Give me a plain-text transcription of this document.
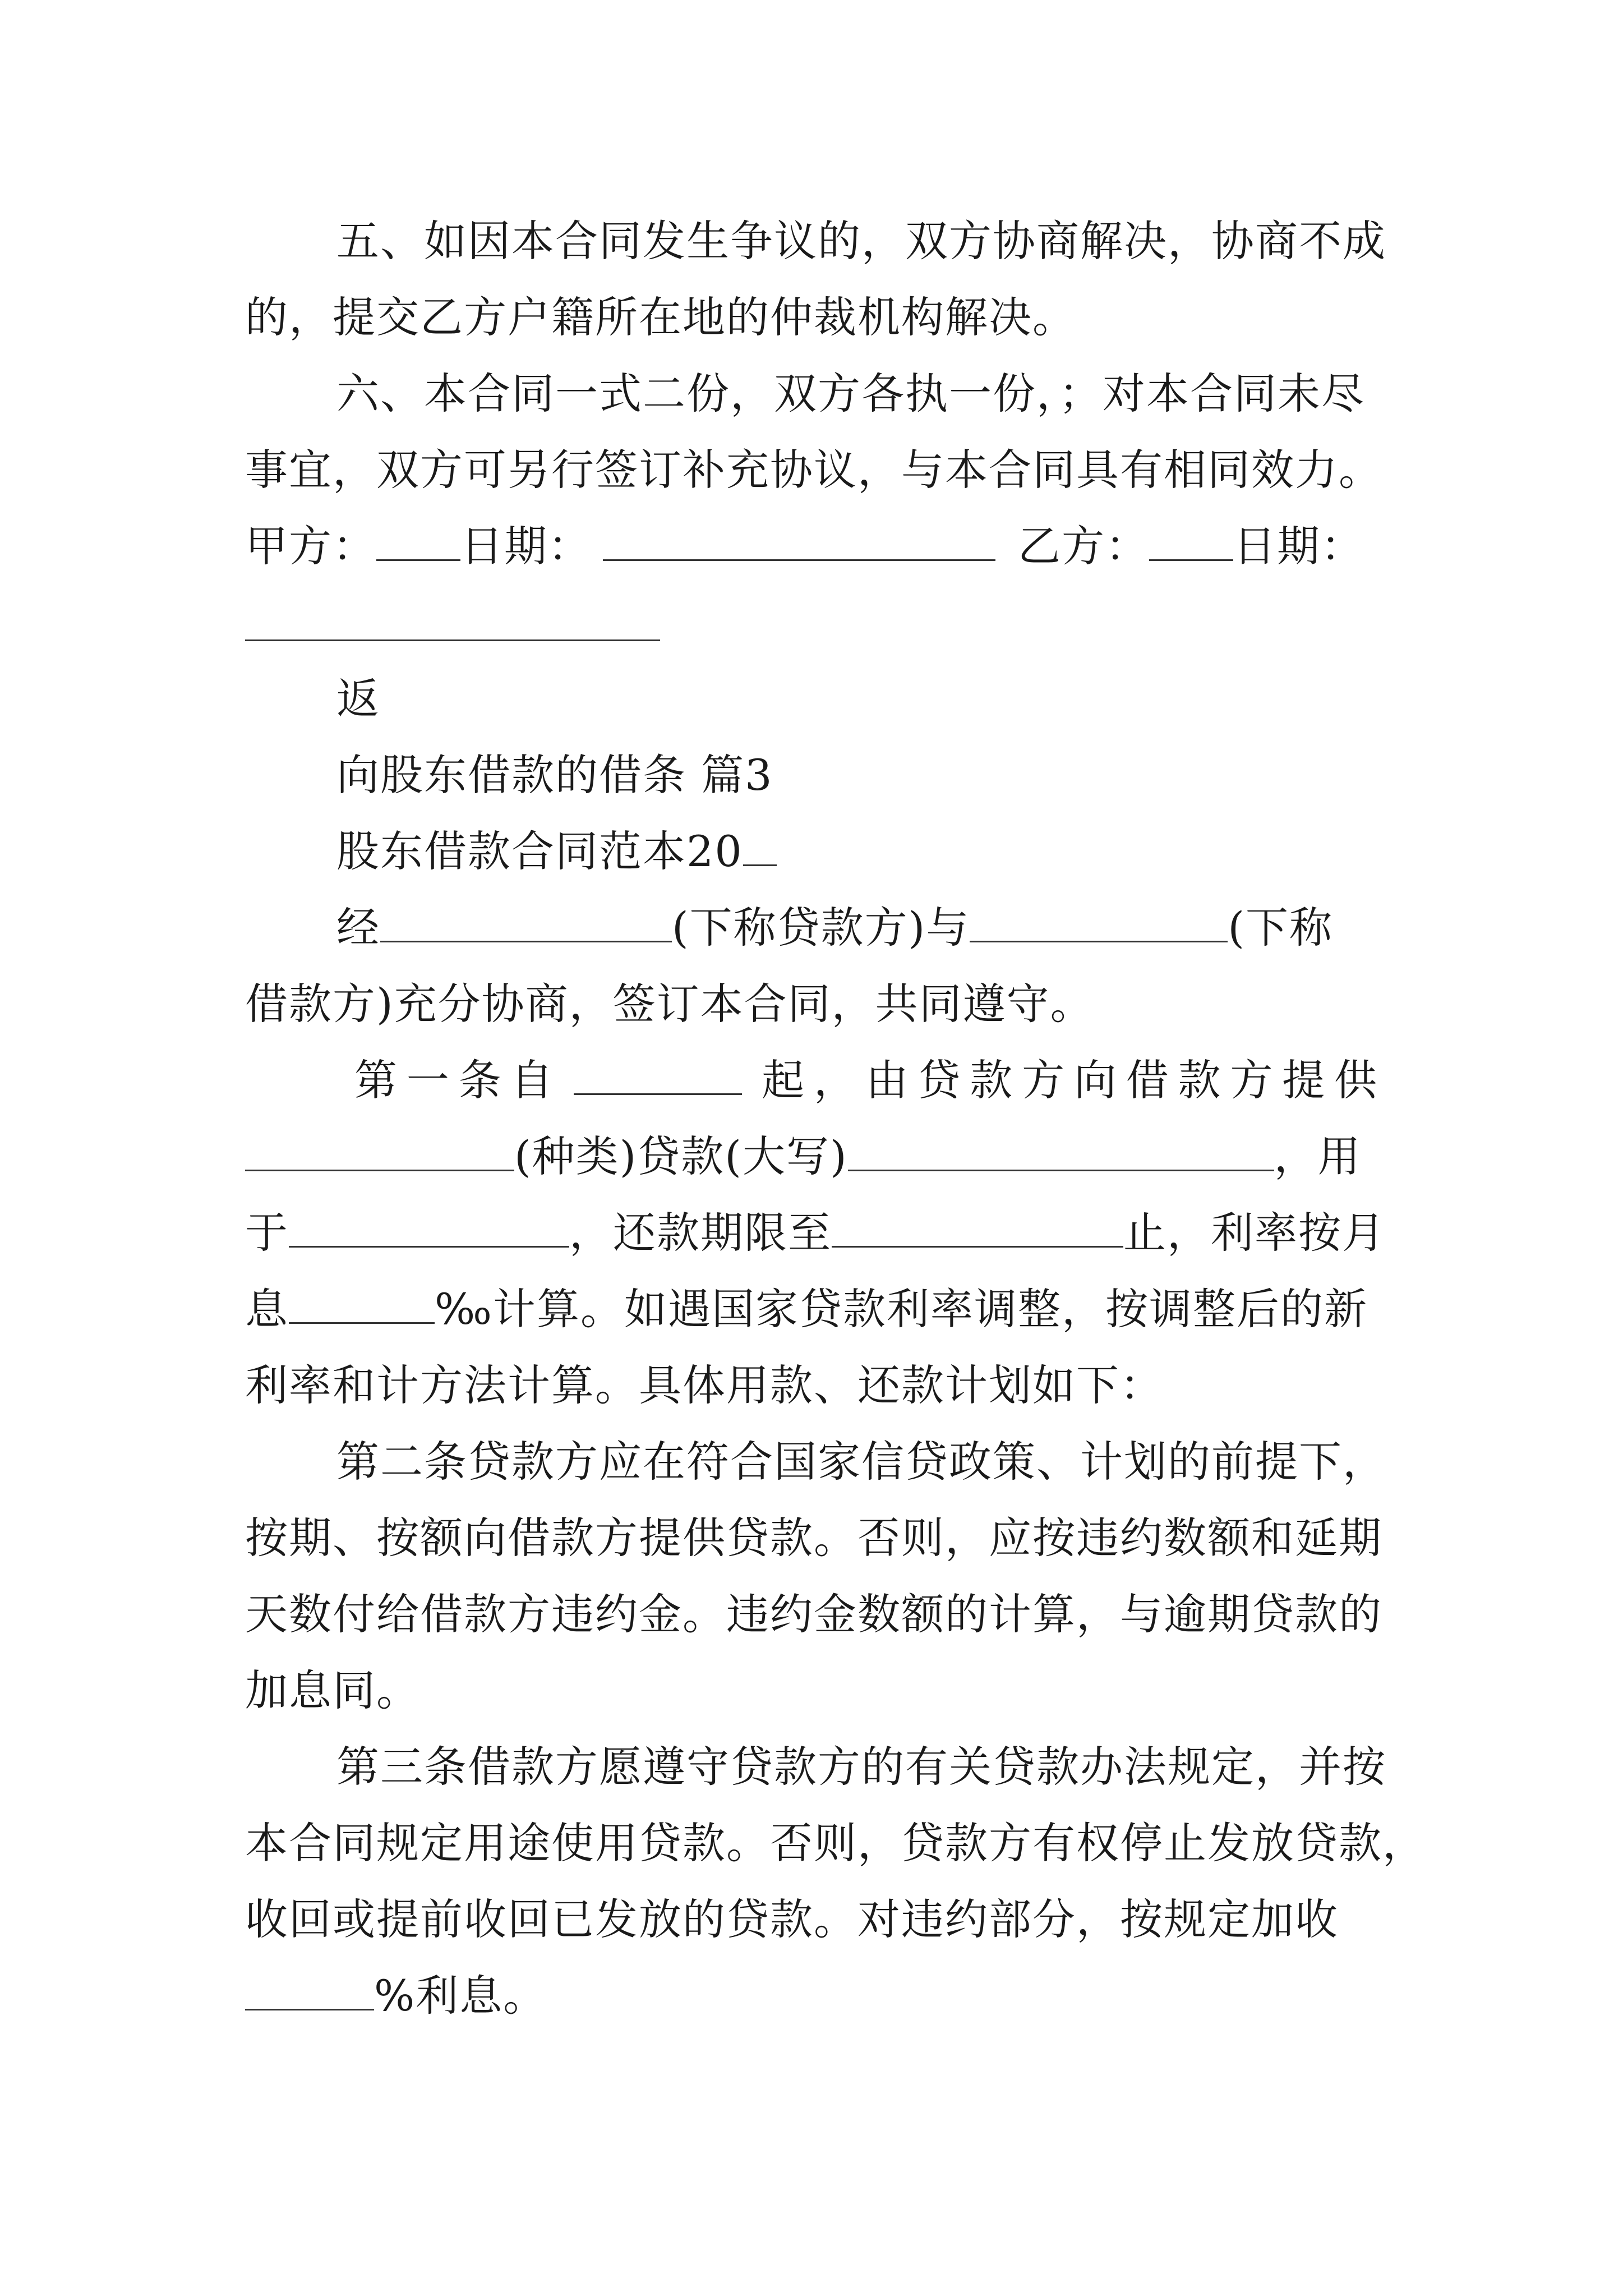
五、如因本合同发生争议的，双方协商解决，协商不成
的，提交乙方户籍所在地的仲裁机构解决。
六、本合同一式二份，双方各执一份，；对本合同未尽
事宜，双方可另行签订补充协议，与本合同具有相同效力。
甲方： 日期：	乙方： 日期：
返
向股东借款的借条 篇3
股东借款合同范本20
经	(下称贷款方)与	(下称
借款方)充分协商，签订本合同，共同遵守。
第一条自	起，由贷款方向借款方提供
(种类)贷款(大写)	，用
于	，还款期限至	止，利率按月
息	‰计算。如遇国家贷款利率调整，按调整后的新
利率和计方法计算。具体用款、还款计划如下：
第二条贷款方应在符合国家信贷政策、计划的前提下，
按期、按额向借款方提供贷款。否则，应按违约数额和延期
天数付给借款方违约金。违约金数额的计算，与逾期贷款的
加息同。
第三条借款方愿遵守贷款方的有关贷款办法规定，并按
本合同规定用途使用贷款。否则，贷款方有权停止发放贷款，
收回或提前收回已发放的贷款。对违约部分，按规定加收
%利息。
